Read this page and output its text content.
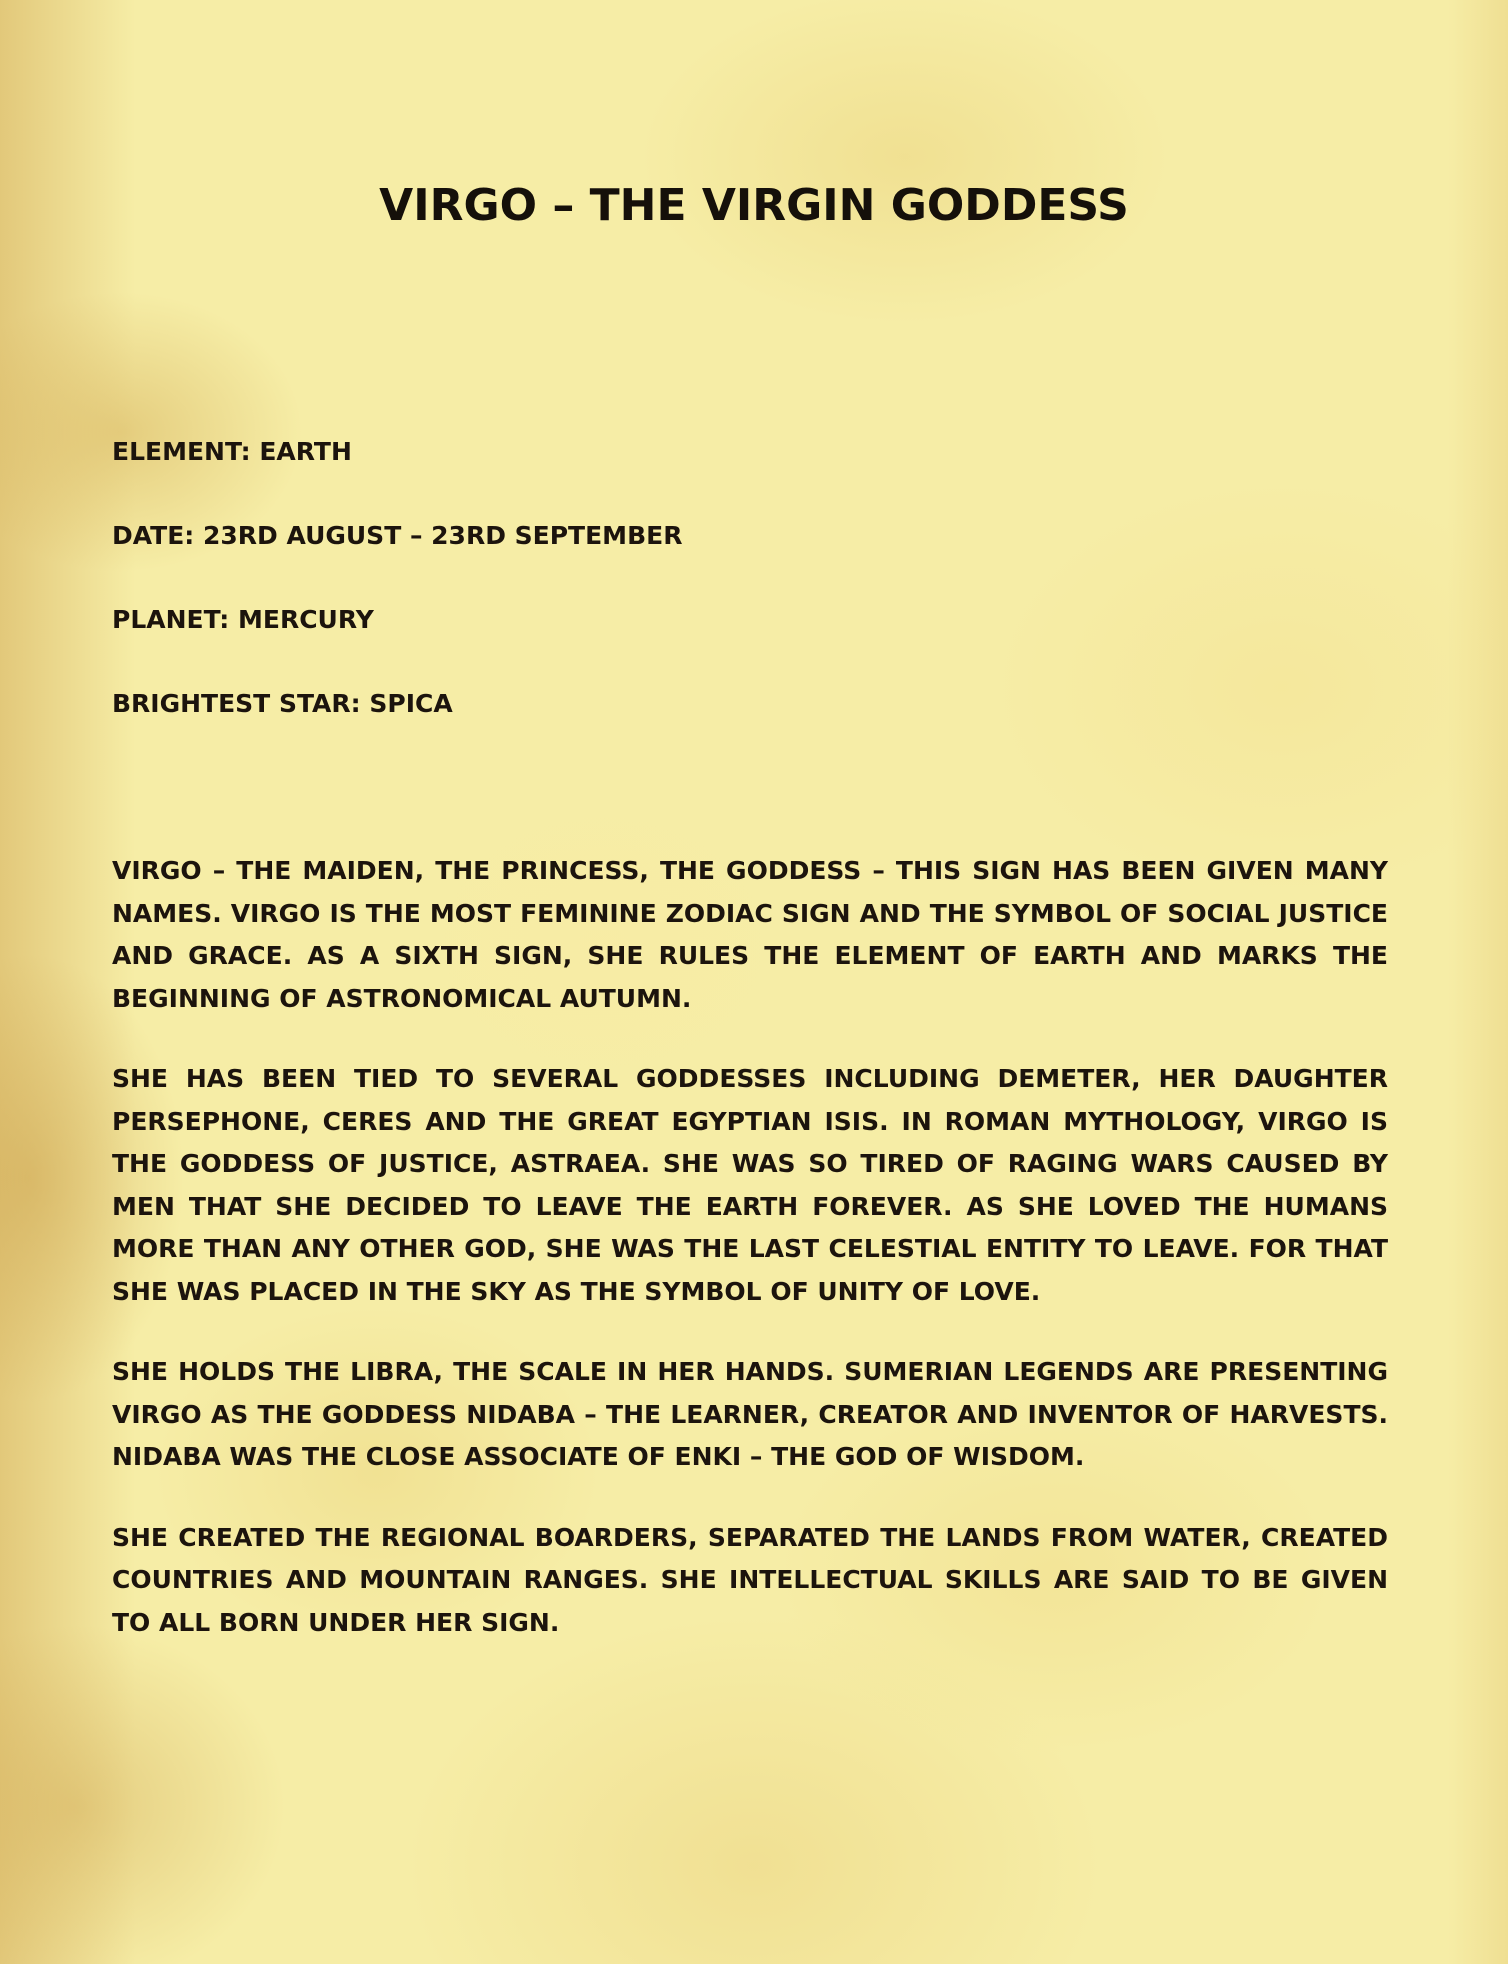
VIRGO – THE VIRGIN GODDESS

ELEMENT: EARTH

DATE: 23RD AUGUST – 23RD SEPTEMBER

PLANET: MERCURY

BRIGHTEST STAR: SPICA

VIRGO – THE MAIDEN, THE PRINCESS, THE GODDESS – THIS SIGN HAS BEEN GIVEN MANY NAMES. VIRGO IS THE MOST FEMININE ZODIAC SIGN AND THE SYMBOL OF SOCIAL JUSTICE AND GRACE. AS A SIXTH SIGN, SHE RULES THE ELEMENT OF EARTH AND MARKS THE BEGINNING OF ASTRONOMICAL AUTUMN.

SHE HAS BEEN TIED TO SEVERAL GODDESSES INCLUDING DEMETER, HER DAUGHTER PERSEPHONE, CERES AND THE GREAT EGYPTIAN ISIS. IN ROMAN MYTHOLOGY, VIRGO IS THE GODDESS OF JUSTICE, ASTRAEA. SHE WAS SO TIRED OF RAGING WARS CAUSED BY MEN THAT SHE DECIDED TO LEAVE THE EARTH FOREVER. AS SHE LOVED THE HUMANS MORE THAN ANY OTHER GOD, SHE WAS THE LAST CELESTIAL ENTITY TO LEAVE. FOR THAT SHE WAS PLACED IN THE SKY AS THE SYMBOL OF UNITY OF LOVE.

SHE HOLDS THE LIBRA, THE SCALE IN HER HANDS. SUMERIAN LEGENDS ARE PRESENTING VIRGO AS THE GODDESS NIDABA – THE LEARNER, CREATOR AND INVENTOR OF HARVESTS. NIDABA WAS THE CLOSE ASSOCIATE OF ENKI – THE GOD OF WISDOM.

SHE CREATED THE REGIONAL BOARDERS, SEPARATED THE LANDS FROM WATER, CREATED COUNTRIES AND MOUNTAIN RANGES. SHE INTELLECTUAL SKILLS ARE SAID TO BE GIVEN TO ALL BORN UNDER HER SIGN.
